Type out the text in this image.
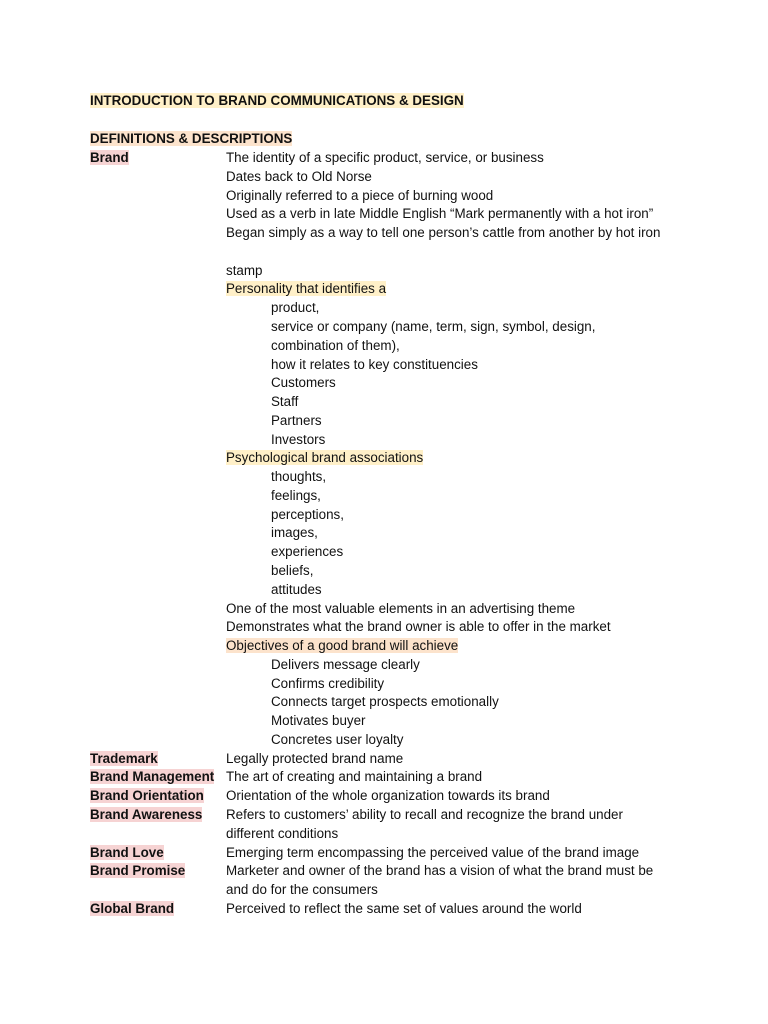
INTRODUCTION TO BRAND COMMUNICATIONS & DESIGN
DEFINITIONS & DESCRIPTIONS
Brand
Trademark
Brand Management
Brand Orientation
Brand Awareness
Brand Love
Brand Promise
Global Brand
The identity of a specific product, service, or business
Dates back to Old Norse
Originally referred to a piece of burning wood
Used as a verb in late Middle English “Mark permanently with a hot iron”
Began simply as a way to tell one person’s cattle from another by hot iron
stamp
Personality that identifies a
product,
service or company (name, term, sign, symbol, design,
combination of them),
how it relates to key constituencies
Customers
Staff
Partners
Investors
Psychological brand associations
thoughts,
feelings,
perceptions,
images,
experiences
beliefs,
attitudes
One of the most valuable elements in an advertising theme
Demonstrates what the brand owner is able to offer in the market
Objectives of a good brand will achieve
Delivers message clearly
Confirms credibility
Connects target prospects emotionally
Motivates buyer
Concretes user loyalty
Legally protected brand name
The art of creating and maintaining a brand
Orientation of the whole organization towards its brand
Refers to customers’ ability to recall and recognize the brand under
different conditions
Emerging term encompassing the perceived value of the brand image
Marketer and owner of the brand has a vision of what the brand must be
and do for the consumers
Perceived to reflect the same set of values around the world
